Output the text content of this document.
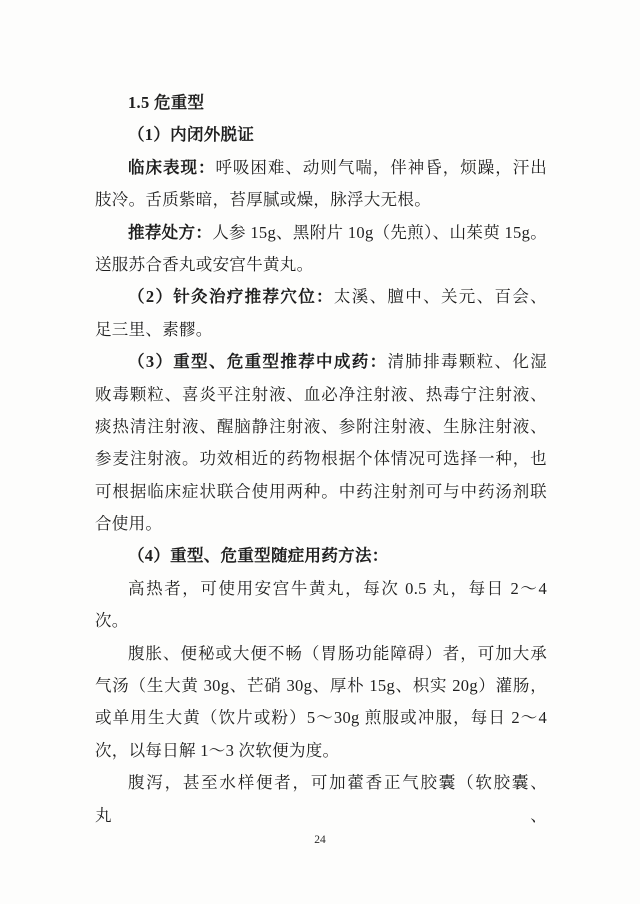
1.5 危重型
（1）内闭外脱证
临床表现：呼吸困难、动则气喘，伴神昏，烦躁，汗出
肢冷。舌质紫暗，苔厚腻或燥，脉浮大无根。
推荐处方：人参 15g、黑附片 10g（先煎）、山茱萸 15g。
送服苏合香丸或安宫牛黄丸。
（2）针灸治疗推荐穴位：太溪、膻中、关元、百会、
足三里、素髎。
（3）重型、危重型推荐中成药：清肺排毒颗粒、化湿
败毒颗粒、喜炎平注射液、血必净注射液、热毒宁注射液、
痰热清注射液、醒脑静注射液、参附注射液、生脉注射液、
参麦注射液。功效相近的药物根据个体情况可选择一种，也
可根据临床症状联合使用两种。中药注射剂可与中药汤剂联
合使用。
（4）重型、危重型随症用药方法：
高热者，可使用安宫牛黄丸，每次 0.5 丸，每日 2～4
次。
腹胀、便秘或大便不畅（胃肠功能障碍）者，可加大承
气汤（生大黄 30g、芒硝 30g、厚朴 15g、枳实 20g）灌肠，
或单用生大黄（饮片或粉）5～30g 煎服或冲服，每日 2～4
次，以每日解 1～3 次软便为度。
腹泻，甚至水样便者，可加藿香正气胶囊（软胶囊、丸、
24
